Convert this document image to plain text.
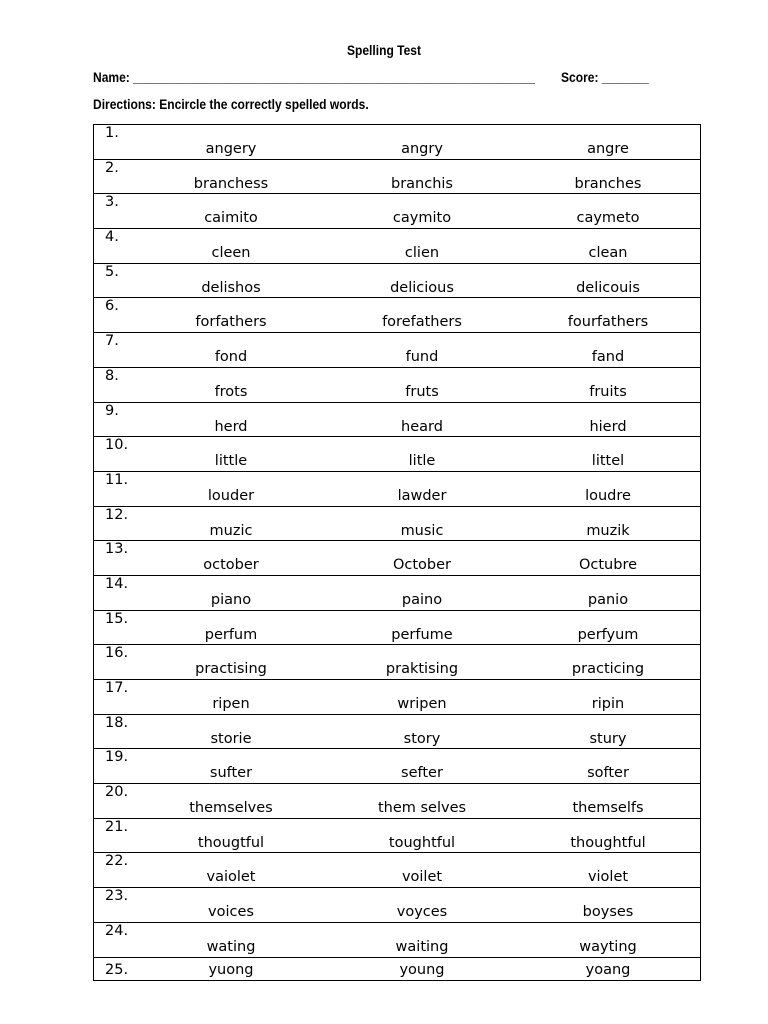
Spelling Test
Name: ____________________________________________________________ Score: _______
Directions: Encircle the correctly spelled words.
1.
angery	angry	angre
2.
branchess	branchis	branches
3.
caimito	caymito	caymeto
4.
cleen	clien	clean
5.
delishos	delicious	delicouis
6.
forfathers	forefathers	fourfathers
7.
fond	fund	fand
8.
frots	fruts	fruits
9.
herd	heard	hierd
10.
little	litle	littel
11.
louder	lawder	loudre
12.
muzic	music	muzik
13.
october	October	Octubre
14.
piano	paino	panio
15.
perfum	perfume	perfyum
16.
practising	praktising	practicing
17.
ripen	wripen	ripin
18.
storie	story	stury
19.
sufter	sefter	softer
20.
themselves	them selves	themselfs
21.
thougtful	toughtful	thoughtful
22.
vaiolet	voilet	violet
23.
voices	voyces	boyses
24.
wating	waiting	wayting
25.	yuong	young	yoang
